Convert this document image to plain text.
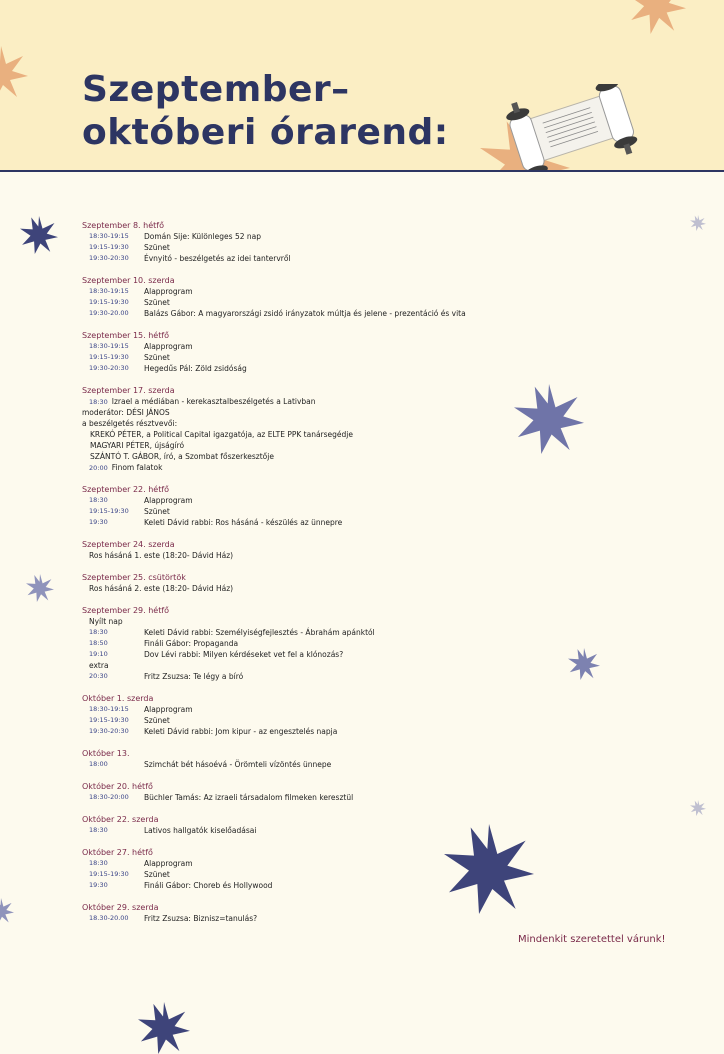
Szeptember–
októberi órarend:
Szeptember 8. hétfő
18:30-19:15	Domán Sije: Különleges 52 nap
19:15-19:30	Szünet
19:30-20:30	Évnyitó - beszélgetés az idei tantervről
Szeptember 10. szerda
18:30-19:15	Alapprogram
19:15-19:30	Szünet
19:30-20.00	Balázs Gábor: A magyarországi zsidó irányzatok múltja és jelene - prezentáció és vita
Szeptember 15. hétfő
18:30-19:15	Alapprogram
19:15-19:30	Szünet
19:30-20:30	Hegedűs Pál: Zöld zsidóság
Szeptember 17. szerda
18:30 Izrael a médiában - kerekasztalbeszélgetés a Lativban
moderátor: DÉSI JÁNOS
a beszélgetés résztvevői:
KREKÓ PÉTER, a Political Capital igazgatója, az ELTE PPK tanársegédje
MAGYARI PÉTER, újságíró
SZÁNTÓ T. GÁBOR, író, a Szombat főszerkesztője
20:00 Finom falatok
Szeptember 22. hétfő
18:30	Alapprogram
19:15-19:30	Szünet
19:30	Keleti Dávid rabbi: Ros hásáná - készülés az ünnepre
Szeptember 24. szerda
Ros hásáná 1. este (18:20- Dávid Ház)
Szeptember 25. csütörtök
Ros hásáná 2. este (18:20- Dávid Ház)
Szeptember 29. hétfő
Nyílt nap
18:30	Keleti Dávid rabbi: Személyiségfejlesztés - Ábrahám apánktól
18:50	Fináli Gábor: Propaganda
19:10	Dov Lévi rabbi: Milyen kérdéseket vet fel a klónozás?
extra
20:30	Fritz Zsuzsa: Te légy a bíró
Október 1. szerda
18:30-19:15	Alapprogram
19:15-19:30	Szünet
19:30-20:30	Keleti Dávid rabbi: Jom kipur - az engesztelés napja
Október 13.
18:00	Szimchát bét hásoévá - Örömteli vízöntés ünnepe
Október 20. hétfő
18:30-20:00	Büchler Tamás: Az izraeli társadalom filmeken keresztül
Október 22. szerda
18:30	Lativos hallgatók kiselőadásai
Október 27. hétfő
18:30	Alapprogram
19:15-19:30	Szünet
19:30	Fináli Gábor: Choreb és Hollywood
Október 29. szerda
18.30-20.00	Fritz Zsuzsa: Biznisz=tanulás?
Mindenkit szeretettel várunk!
